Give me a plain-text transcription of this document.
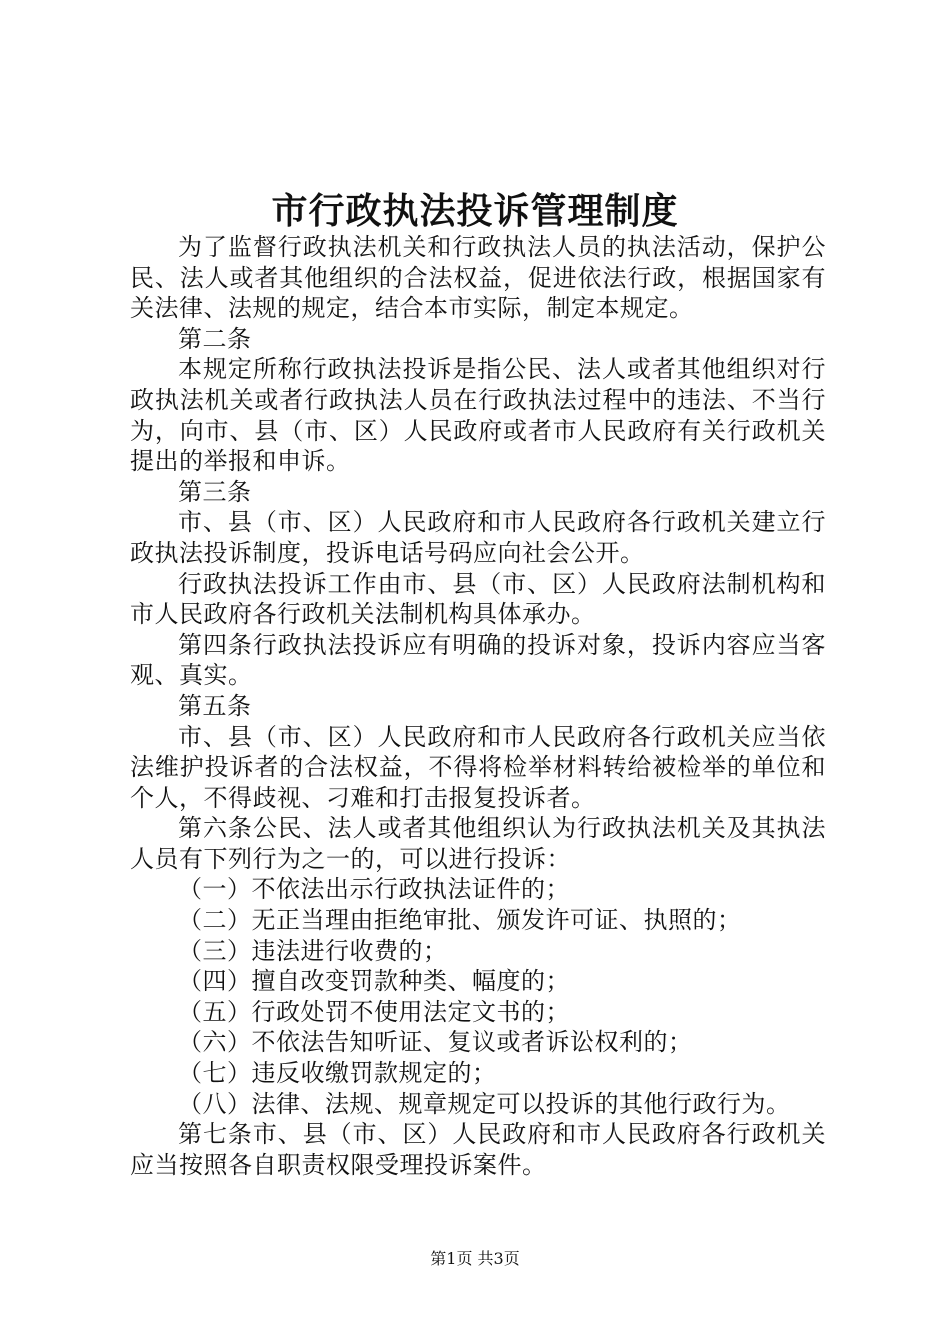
市行政执法投诉管理制度

为了监督行政执法机关和行政执法人员的执法活动，保护公民、法人或者其他组织的合法权益，促进依法行政，根据国家有关法律、法规的规定，结合本市实际，制定本规定。

第二条

本规定所称行政执法投诉是指公民、法人或者其他组织对行政执法机关或者行政执法人员在行政执法过程中的违法、不当行为，向市、县（市、区）人民政府或者市人民政府有关行政机关提出的举报和申诉。

第三条

市、县（市、区）人民政府和市人民政府各行政机关建立行政执法投诉制度，投诉电话号码应向社会公开。

行政执法投诉工作由市、县（市、区）人民政府法制机构和市人民政府各行政机关法制机构具体承办。

第四条行政执法投诉应有明确的投诉对象，投诉内容应当客观、真实。

第五条

市、县（市、区）人民政府和市人民政府各行政机关应当依法维护投诉者的合法权益，不得将检举材料转给被检举的单位和个人，不得歧视、刁难和打击报复投诉者。

第六条公民、法人或者其他组织认为行政执法机关及其执法人员有下列行为之一的，可以进行投诉：

（一）不依法出示行政执法证件的；

（二）无正当理由拒绝审批、颁发许可证、执照的；

（三）违法进行收费的；

（四）擅自改变罚款种类、幅度的；

（五）行政处罚不使用法定文书的；

（六）不依法告知听证、复议或者诉讼权利的；

（七）违反收缴罚款规定的；

（八）法律、法规、规章规定可以投诉的其他行政行为。

第七条市、县（市、区）人民政府和市人民政府各行政机关应当按照各自职责权限受理投诉案件。

第1页 共3页
